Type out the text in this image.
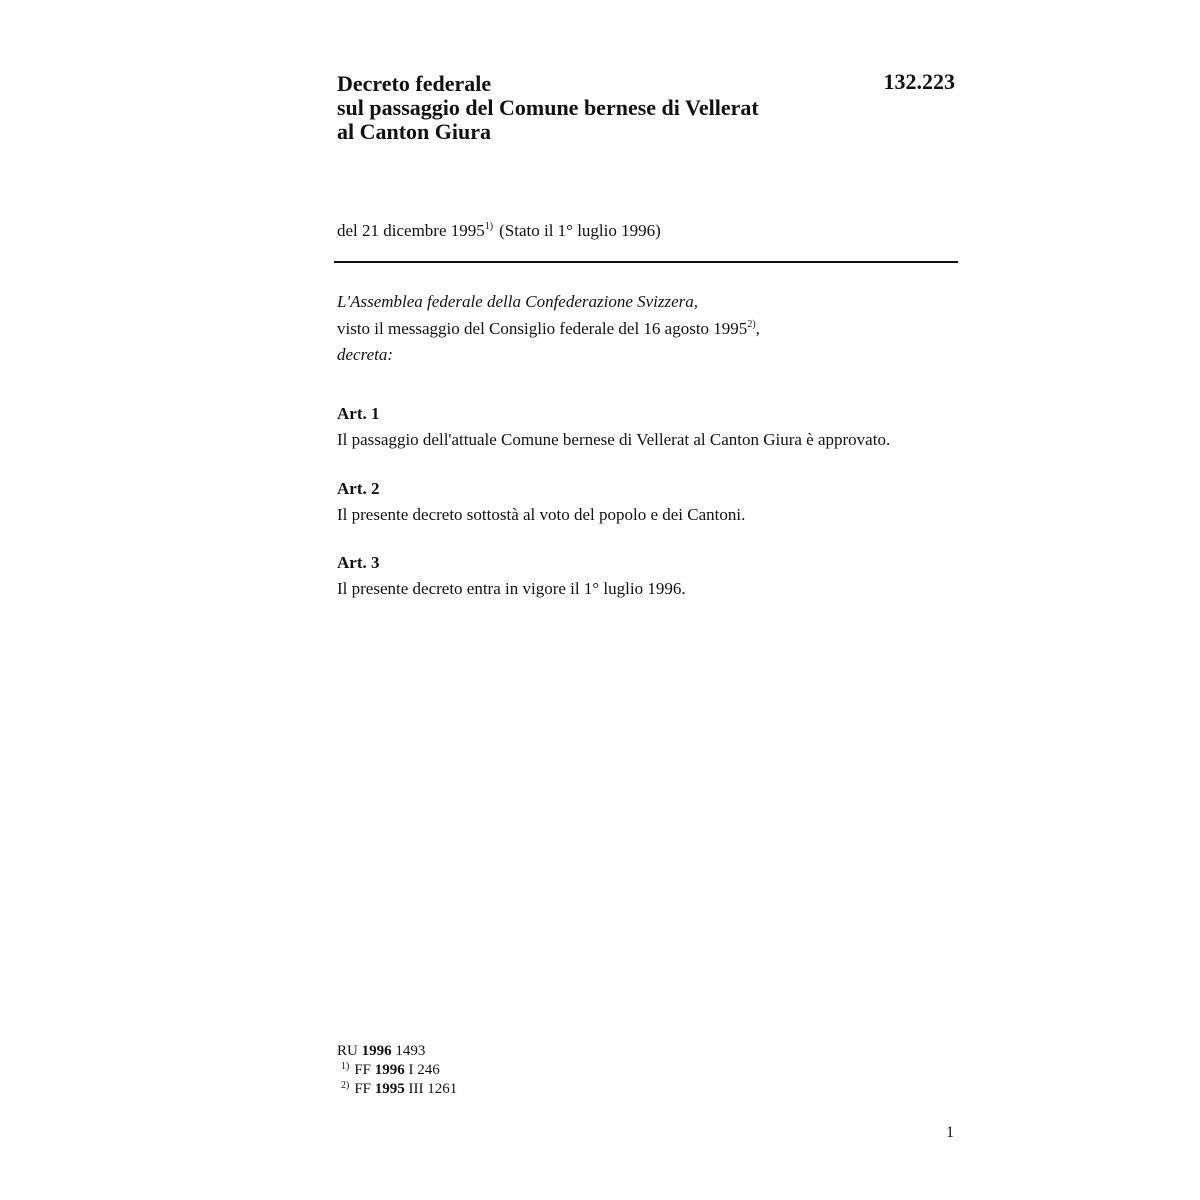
Decreto federale
sul passaggio del Comune bernese di Vellerat
al Canton Giura
132.223
del 21 dicembre 1995$^{1)}$ (Stato il 1° luglio 1996)
L'Assemblea federale della Confederazione Svizzera,
visto il messaggio del Consiglio federale del 16 agosto 1995$^{2)}$,
decreta:
Art. 1
Il passaggio dell'attuale Comune bernese di Vellerat al Canton Giura è approvato.
Art. 2
Il presente decreto sottostà al voto del popolo e dei Cantoni.
Art. 3
Il presente decreto entra in vigore il 1° luglio 1996.
RU 1996 1493
$^{1)}$ FF 1996 I 246
$^{2)}$ FF 1995 III 1261
1
